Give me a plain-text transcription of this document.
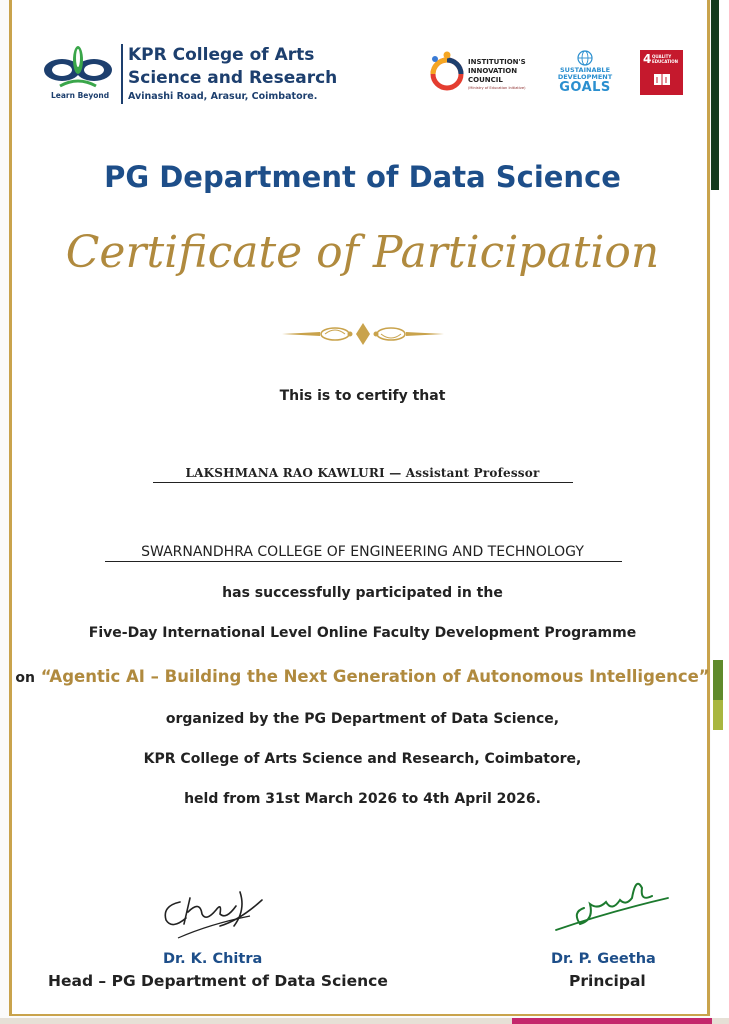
Learn Beyond
KPR College of Arts
Science and Research
Avinashi Road, Arasur, Coimbatore.
INSTITUTION'S
INNOVATION
COUNCIL
(Ministry of Education Initiative)
SUSTAINABLE
DEVELOPMENT
GOALS
4 QUALITY
EDUCATION
PG Department of Data Science
Certificate of Participation
This is to certify that
LAKSHMANA RAO KAWLURI — Assistant Professor
SWARNANDHRA COLLEGE OF ENGINEERING AND TECHNOLOGY
has successfully participated in the
Five-Day International Level Online Faculty Development Programme
on “Agentic AI – Building the Next Generation of Autonomous Intelligence”
organized by the PG Department of Data Science,
KPR College of Arts Science and Research, Coimbatore,
held from 31st March 2026 to 4th April 2026.
Dr. K. Chitra
Head – PG Department of Data Science
Dr. P. Geetha
Principal
